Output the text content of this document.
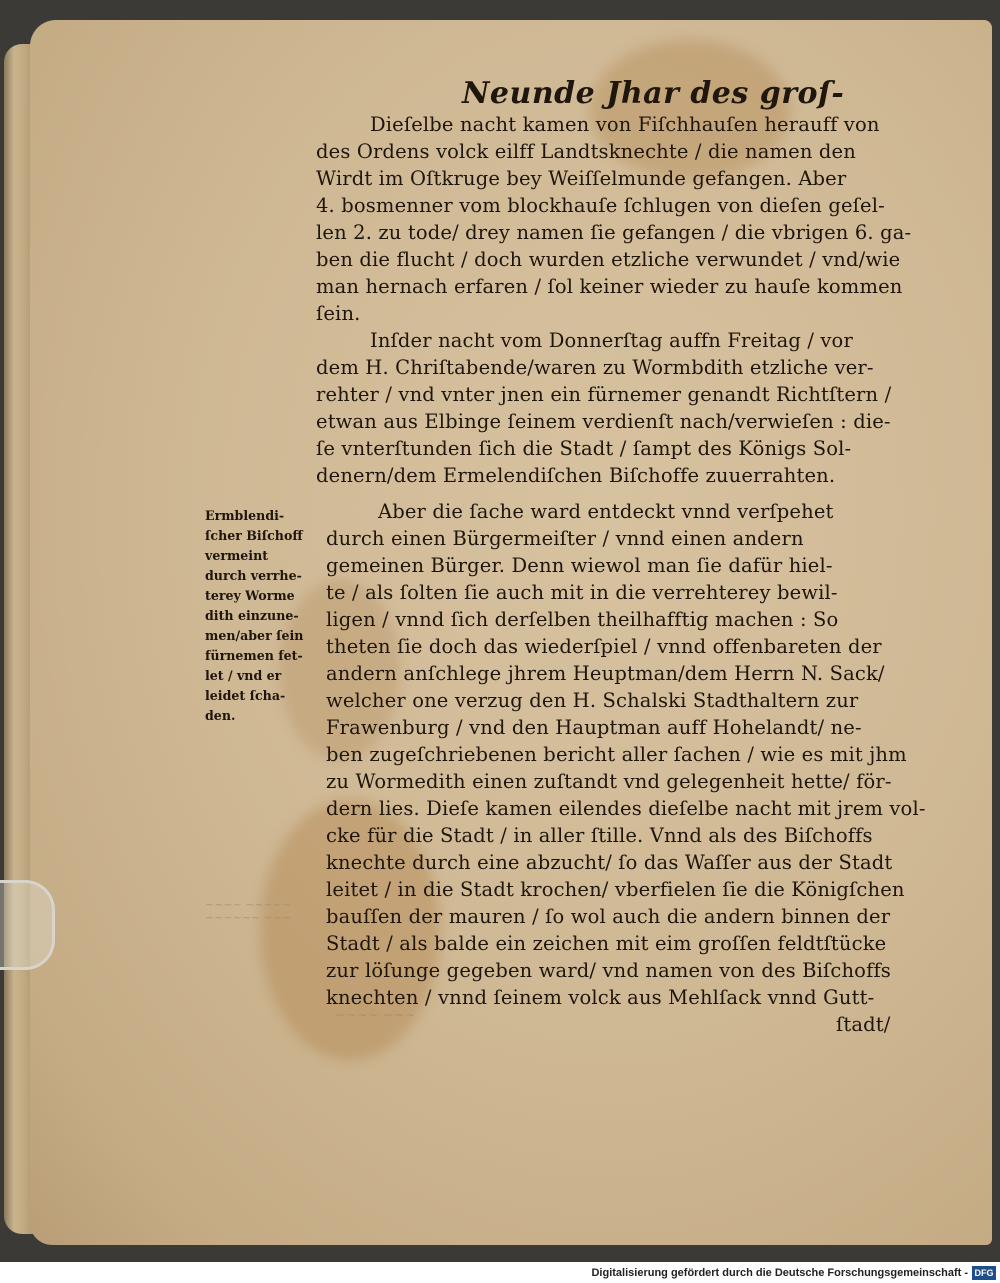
~~~~ ~~~~~
~~~~~~ ~~~
~~~~ ~~~
Neunde Jhar des groſ-
Dieſelbe nacht kamen von Fiſchhauſen herauff von
des Ordens volck eilff Landtsknechte / die namen den
Wirdt im Oſtkruge bey Weiſſelmunde gefangen. Aber
4. bosmenner vom blockhauſe ſchlugen von dieſen geſel-
len 2. zu tode/ drey namen ſie gefangen / die vbrigen 6. ga-
ben die flucht / doch wurden etzliche verwundet / vnd/wie
man hernach erfaren / ſol keiner wieder zu hauſe kommen
ſein.
Inſder nacht vom Donnerſtag auffn Freitag / vor
dem H. Chriſtabende/waren zu Wormbdith etzliche ver-
rehter / vnd vnter jnen ein fürnemer genandt Richtſtern /
etwan aus Elbinge ſeinem verdienſt nach/verwieſen : die-
ſe vnterſtunden ſich die Stadt / ſampt des Königs Sol-
denern/dem Ermelendiſchen Biſchoffe zuuerrahten.
Aber die ſache ward entdeckt vnnd verſpehet
durch einen Bürgermeiſter / vnnd einen andern
gemeinen Bürger. Denn wiewol man ſie dafür hiel-
te / als ſolten ſie auch mit in die verrehterey bewil-
ligen / vnnd ſich derſelben theilhafftig machen : So
theten ſie doch das wiederſpiel / vnnd offenbareten der
andern anſchlege jhrem Heuptman/dem Herrn N. Sack/
welcher one verzug den H. Schalski Stadthaltern zur
Frawenburg / vnd den Hauptman auff Hohelandt/ ne-
ben zugeſchriebenen bericht aller ſachen / wie es mit jhm
zu Wormedith einen zuſtandt vnd gelegenheit hette/ för-
dern lies. Dieſe kamen eilendes dieſelbe nacht mit jrem vol-
cke für die Stadt / in aller ſtille. Vnnd als des Biſchoffs
knechte durch eine abzucht/ ſo das Waſſer aus der Stadt
leitet / in die Stadt krochen/ vberfielen ſie die Königſchen
bauſſen der mauren / ſo wol auch die andern binnen der
Stadt / als balde ein zeichen mit eim groſſen feldtſtücke
zur löſunge gegeben ward/ vnd namen von des Biſchoffs
knechten / vnnd ſeinem volck aus Mehlſack vnnd Gutt-
ſtadt/
Ermblendi-
ſcher Biſchoff
vermeint
durch verrhe-
terey Worme
dith einzune-
men/aber ſein
fürnemen fet-
let / vnd er
leidet ſcha-
den.
Digitalisierung gefördert durch die Deutsche Forschungsgemeinschaft - DFG
